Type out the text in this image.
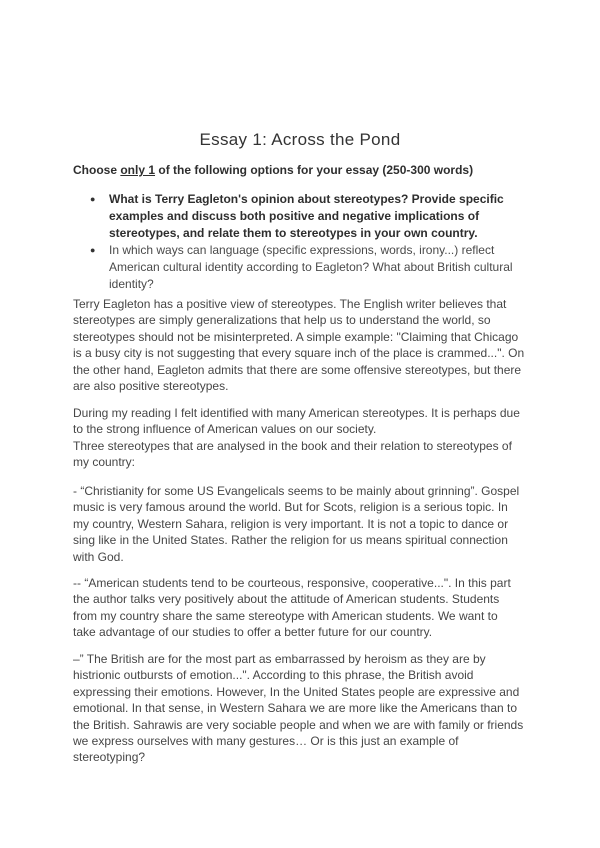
Essay 1: Across the Pond

Choose only 1 of the following options for your essay (250-300 words)

● What is Terry Eagleton's opinion about stereotypes? Provide specific examples and discuss both positive and negative implications of stereotypes, and relate them to stereotypes in your own country.
● In which ways can language (specific expressions, words, irony...) reflect American cultural identity according to Eagleton? What about British cultural identity?

Terry Eagleton has a positive view of stereotypes. The English writer believes that
stereotypes are simply generalizations that help us to understand the world, so
stereotypes should not be misinterpreted. A simple example: "Claiming that Chicago
is a busy city is not suggesting that every square inch of the place is crammed...". On
the other hand, Eagleton admits that there are some offensive stereotypes, but there
are also positive stereotypes.

During my reading I felt identified with many American stereotypes. It is perhaps due
to the strong influence of American values on our society.
Three stereotypes that are analysed in the book and their relation to stereotypes of
my country:

- “Christianity for some US Evangelicals seems to be mainly about grinning”. Gospel
music is very famous around the world. But for Scots, religion is a serious topic. In
my country, Western Sahara, religion is very important. It is not a topic to dance or
sing like in the United States. Rather the religion for us means spiritual connection
with God.

-- “American students tend to be courteous, responsive, cooperative...". In this part
the author talks very positively about the attitude of American students. Students
from my country share the same stereotype with American students. We want to
take advantage of our studies to offer a better future for our country.

–” The British are for the most part as embarrassed by heroism as they are by
histrionic outbursts of emotion...". According to this phrase, the British avoid
expressing their emotions. However, In the United States people are expressive and
emotional. In that sense, in Western Sahara we are more like the Americans than to
the British. Sahrawis are very sociable people and when we are with family or friends
we express ourselves with many gestures… Or is this just an example of
stereotyping?
